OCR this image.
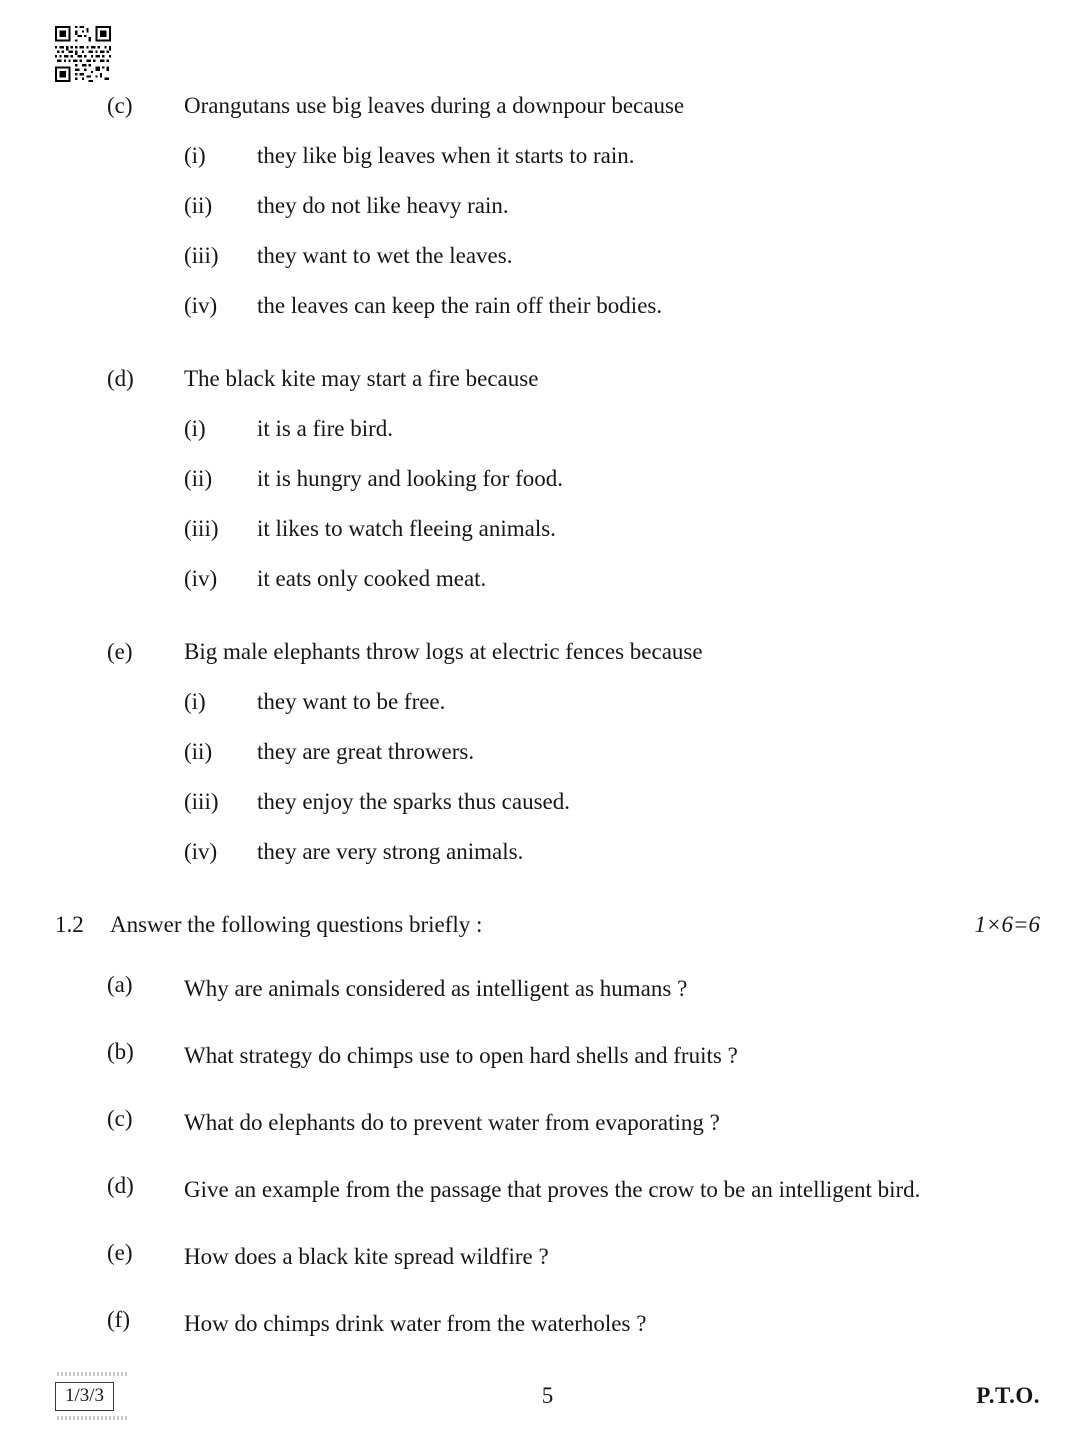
(c)	Orangutans use big leaves during a downpour because
(i)	they like big leaves when it starts to rain.
(ii)	they do not like heavy rain.
(iii)	they want to wet the leaves.
(iv)	the leaves can keep the rain off their bodies.
(d)	The black kite may start a fire because
(i)	it is a fire bird.
(ii)	it is hungry and looking for food.
(iii)	it likes to watch fleeing animals.
(iv)	it eats only cooked meat.
(e)	Big male elephants throw logs at electric fences because
(i)	they want to be free.
(ii)	they are great throwers.
(iii)	they enjoy the sparks thus caused.
(iv)	they are very strong animals.
1.2	Answer the following questions briefly :	1×6=6
(a)	Why are animals considered as intelligent as humans ?
(b)	What strategy do chimps use to open hard shells and fruits ?
(c)	What do elephants do to prevent water from evaporating ?
(d)	Give an example from the passage that proves the crow to be an intelligent bird.
(e)	How does a black kite spread wildfire ?
(f)	How do chimps drink water from the waterholes ?
1/3/3	5	P.T.O.
